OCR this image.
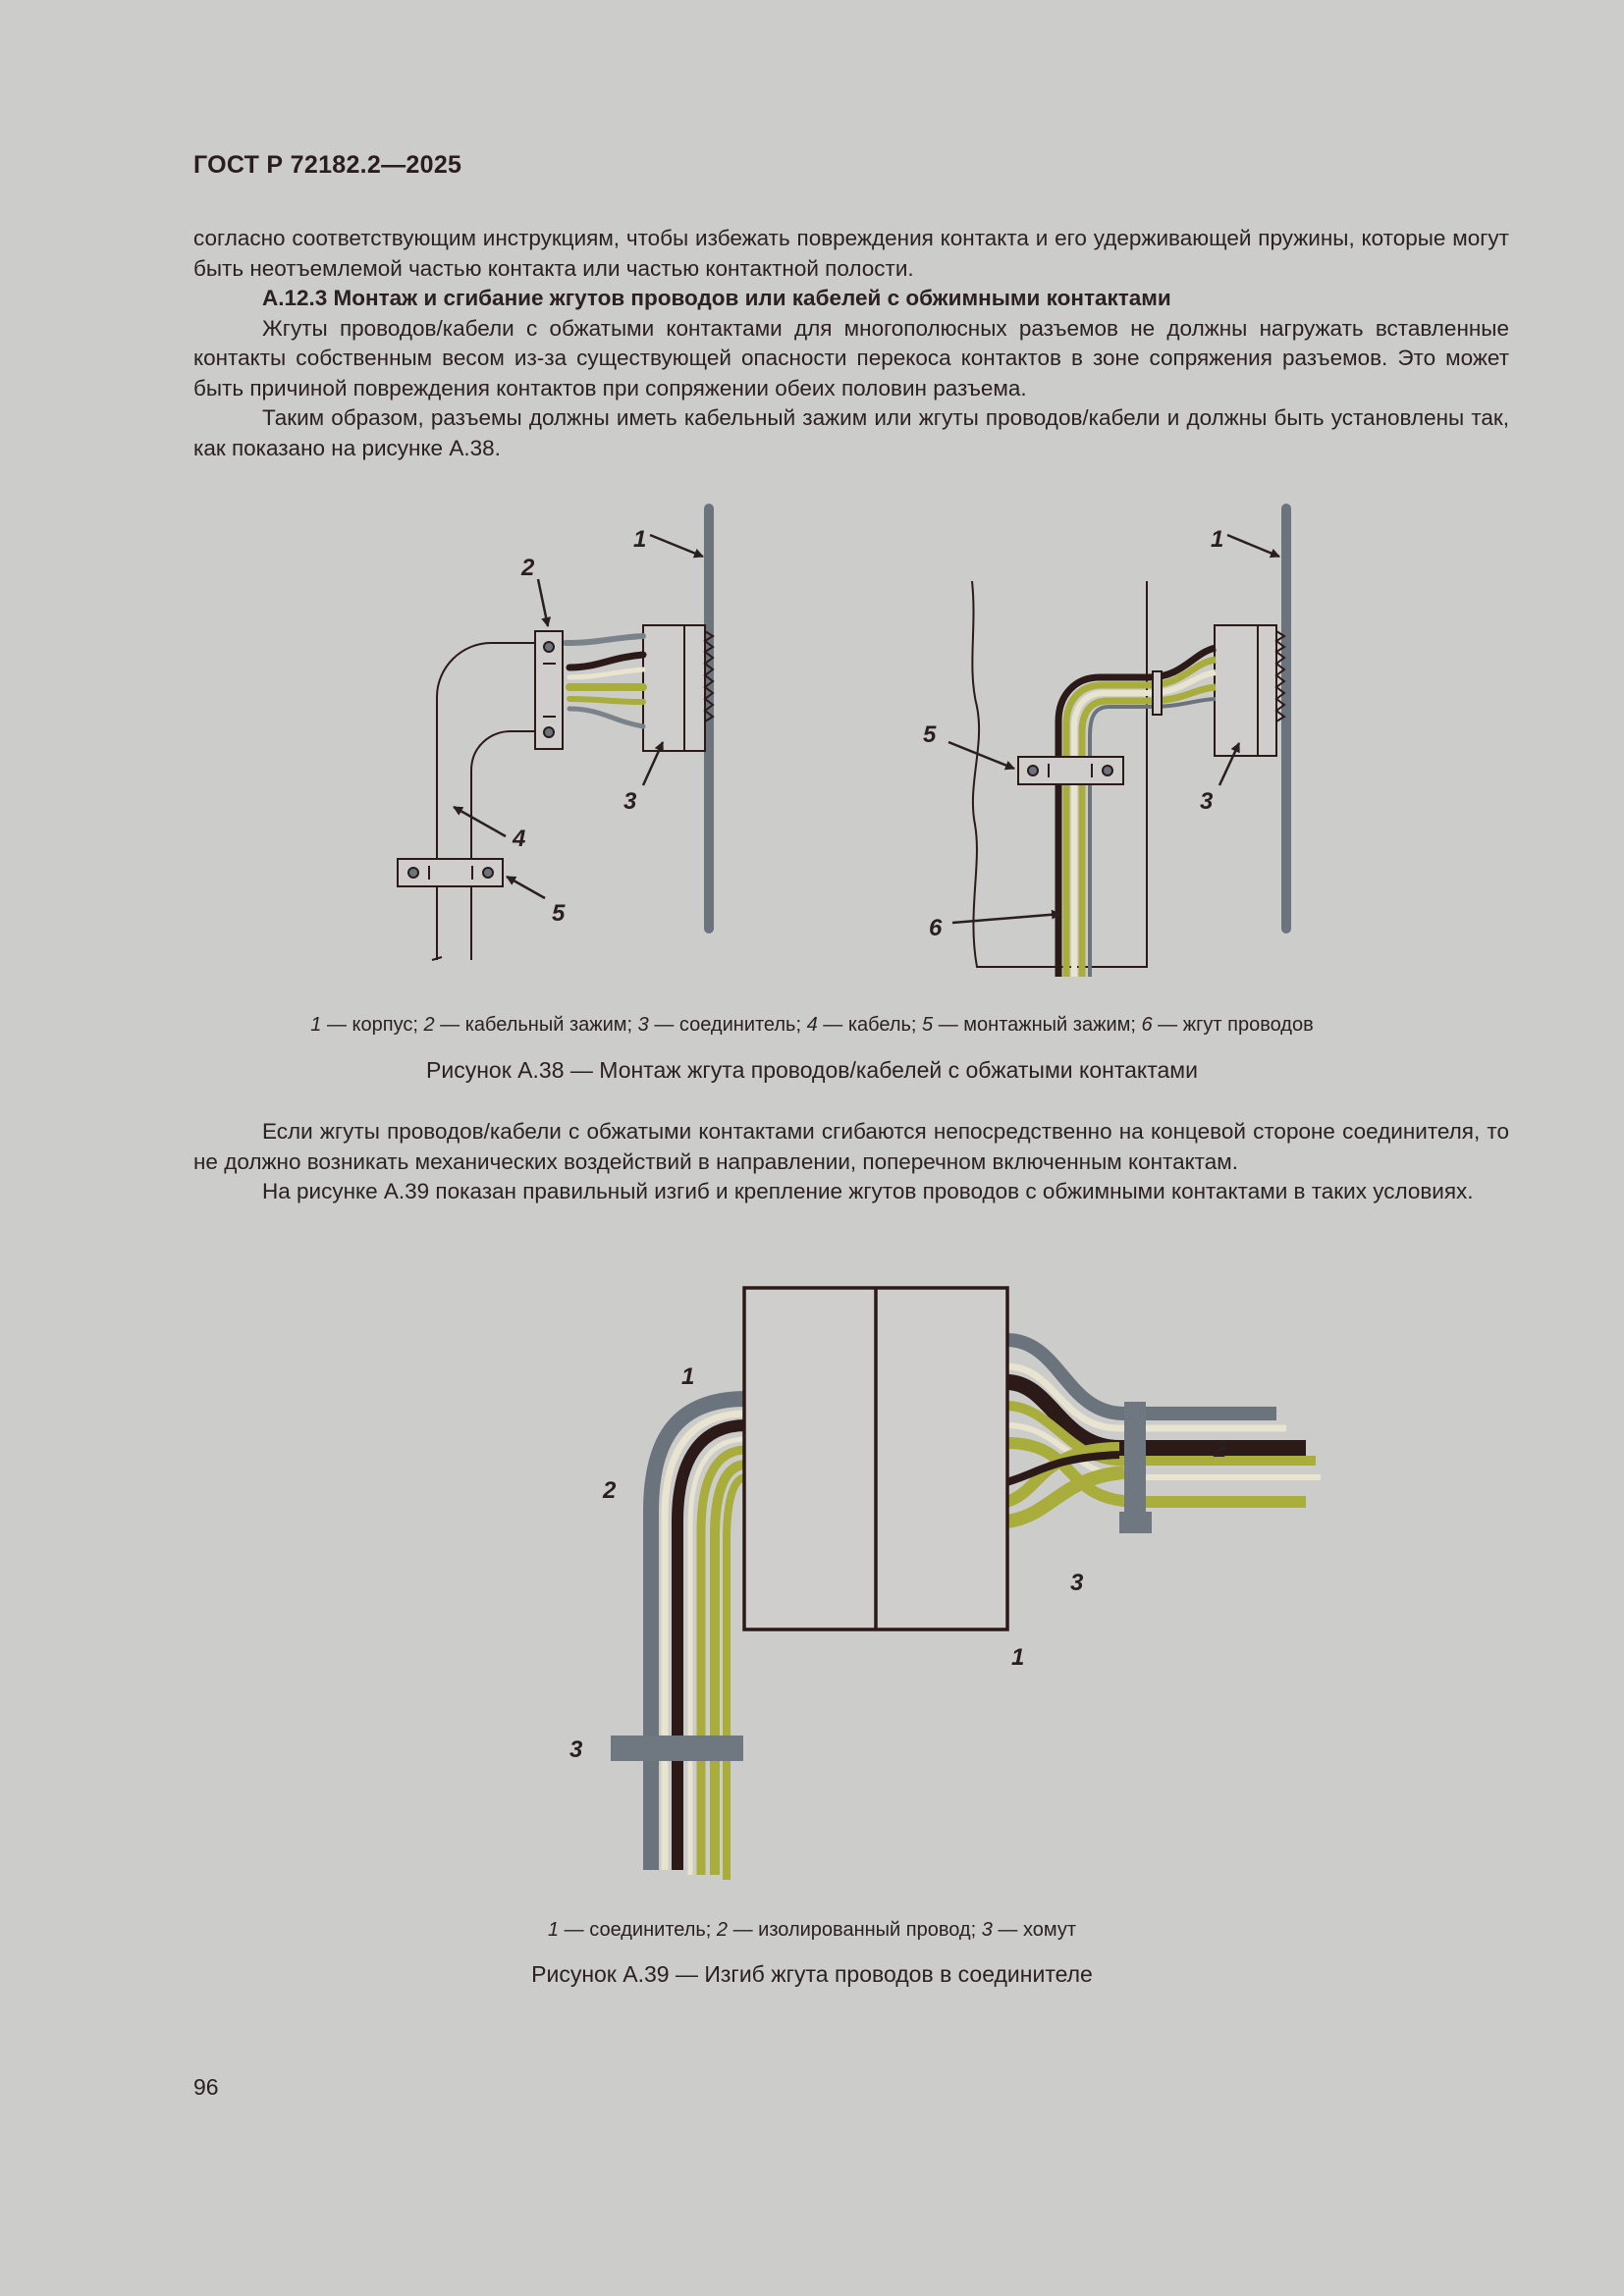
ГОСТ Р 72182.2—2025

согласно соответствующим инструкциям, чтобы избежать повреждения контакта и его удерживающей пружины, которые могут быть неотъемлемой частью контакта или частью контактной полости.

А.12.3 Монтаж и сгибание жгутов проводов или кабелей с обжимными контактами

Жгуты проводов/кабели с обжатыми контактами для многополюсных разъемов не должны нагружать вставленные контакты собственным весом из-за существующей опасности перекоса контактов в зоне сопряжения разъемов. Это может быть причиной повреждения контактов при сопряжении обеих половин разъема.

Таким образом, разъемы должны иметь кабельный зажим или жгуты проводов/кабели и должны быть установлены так, как показано на рисунке А.38.

1
2
3
4
5
1
3
5
6
1 — корпус; 2 — кабельный зажим; 3 — соединитель; 4 — кабель; 5 — монтажный зажим; 6 — жгут проводов
Рисунок А.38 — Монтаж жгута проводов/кабелей с обжатыми контактами

Если жгуты проводов/кабели с обжатыми контактами сгибаются непосредственно на концевой стороне соединителя, то не должно возникать механических воздействий в направлении, поперечном включенным контактам.

На рисунке А.39 показан правильный изгиб и крепление жгутов проводов с обжимными контактами в таких условиях.

1
2
3
1
3
2
1 — соединитель; 2 — изолированный провод; 3 — хомут
Рисунок А.39 — Изгиб жгута проводов в соединителе
96
